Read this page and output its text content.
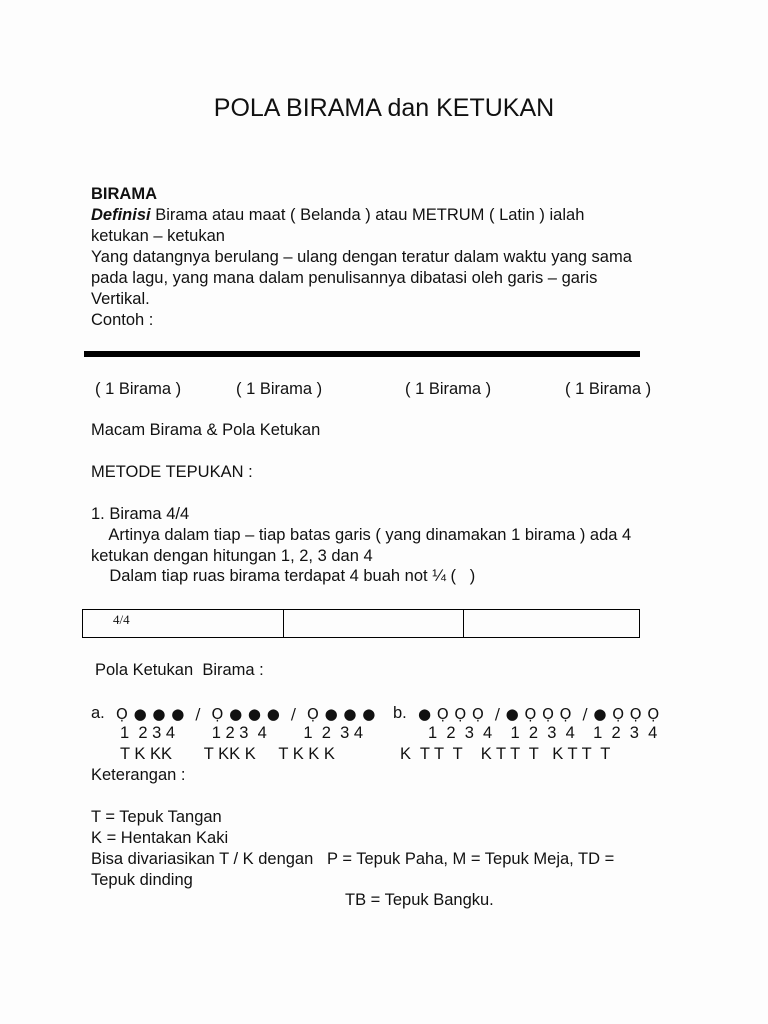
POLA BIRAMA dan KETUKAN
BIRAMA
Definisi Birama atau maat ( Belanda ) atau METRUM ( Latin ) ialah
ketukan – ketukan
Yang datangnya berulang – ulang dengan teratur dalam waktu yang sama
pada lagu, yang mana dalam penulisannya dibatasi oleh garis – garis
Vertikal.
Contoh :
( 1 Birama )	( 1 Birama )	( 1 Birama )	( 1 Birama )
Macam Birama & Pola Ketukan
METODE TEPUKAN :
1. Birama 4/4
Artinya dalam tiap – tiap batas garis ( yang dinamakan 1 birama ) ada 4
ketukan dengan hitungan 1, 2, 3 dan 4
Dalam tiap ruas birama terdapat 4 buah not ¼ (   )

4/4

Pola Ketukan  Birama :
a. Ọ ● ● ●  /  Ọ ● ● ●  /  Ọ ● ● ●
1  2 3 4        1 2 3  4        1  2  3 4
T K KK       T KK K     T K K K
b. ● Ọ Ọ Ọ  / ● Ọ Ọ Ọ  / ● Ọ Ọ Ọ
1  2  3  4    1  2  3  4    1  2  3  4
K  T T  T    K T T  T   K T T  T
Keterangan :
T = Tepuk Tangan
K = Hentakan Kaki
Bisa divariasikan T / K dengan   P = Tepuk Paha, M = Tepuk Meja, TD =
Tepuk dinding
TB = Tepuk Bangku.
